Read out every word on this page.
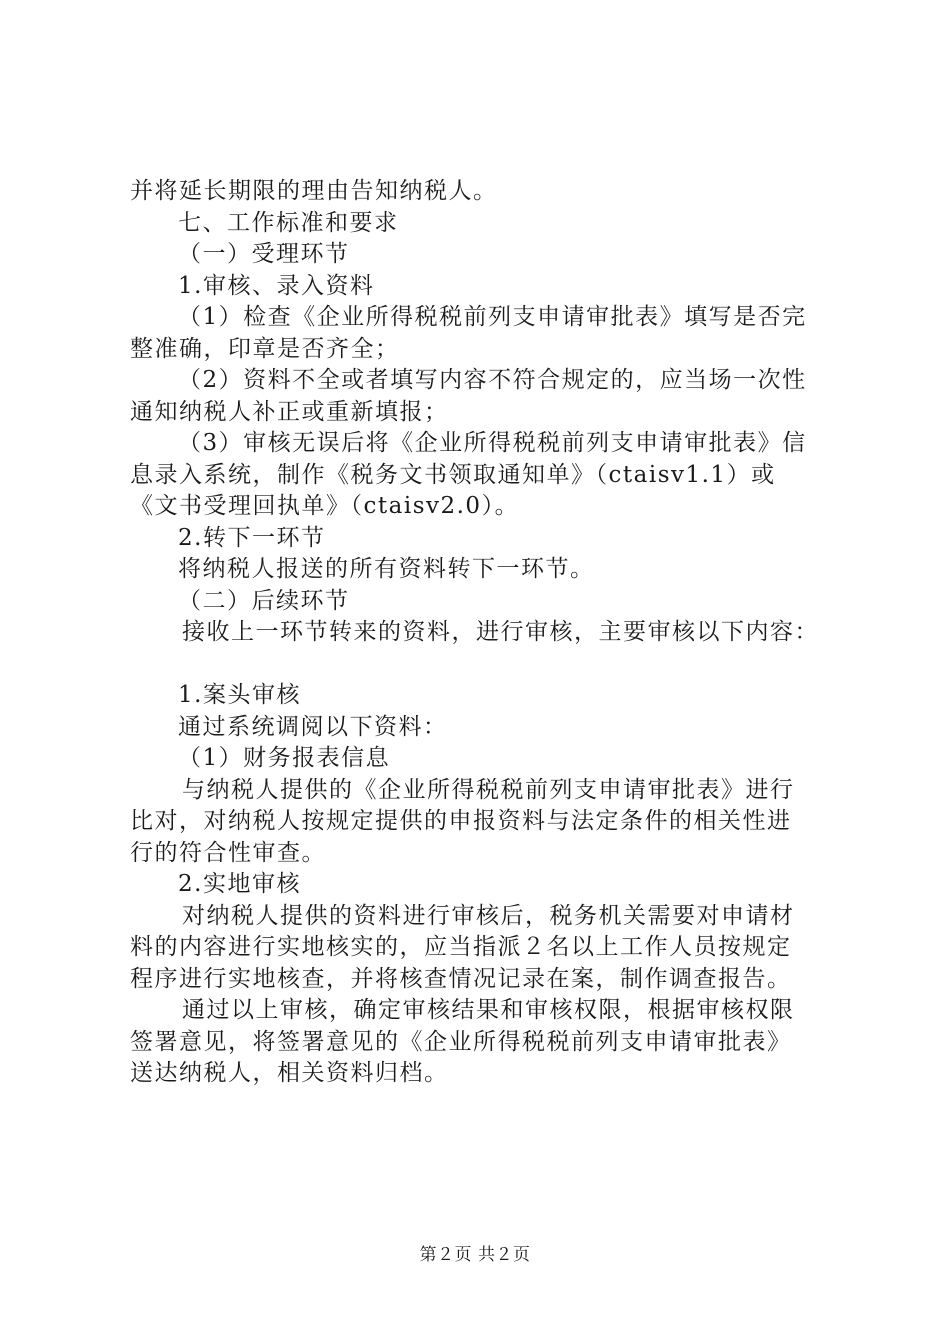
并将延长期限的理由告知纳税人。
七、工作标准和要求
（一）受理环节
1.审核、录入资料
（1）检查《企业所得税税前列支申请审批表》填写是否完
整准确，印章是否齐全；
（2）资料不全或者填写内容不符合规定的，应当场一次性
通知纳税人补正或重新填报；
（3）审核无误后将《企业所得税税前列支申请审批表》信
息录入系统，制作《税务文书领取通知单》（ctaisv1.1）或
《文书受理回执单》（ctaisv2.0）。
2.转下一环节
将纳税人报送的所有资料转下一环节。
（二）后续环节
接收上一环节转来的资料，进行审核，主要审核以下内容：
1.案头审核
通过系统调阅以下资料：
（1）财务报表信息
与纳税人提供的《企业所得税税前列支申请审批表》进行
比对，对纳税人按规定提供的申报资料与法定条件的相关性进
行的符合性审查。
2.实地审核
对纳税人提供的资料进行审核后，税务机关需要对申请材
料的内容进行实地核实的，应当指派２名以上工作人员按规定
程序进行实地核查，并将核查情况记录在案，制作调查报告。
通过以上审核，确定审核结果和审核权限，根据审核权限
签署意见，将签署意见的《企业所得税税前列支申请审批表》
送达纳税人，相关资料归档。
第２页 共２页
